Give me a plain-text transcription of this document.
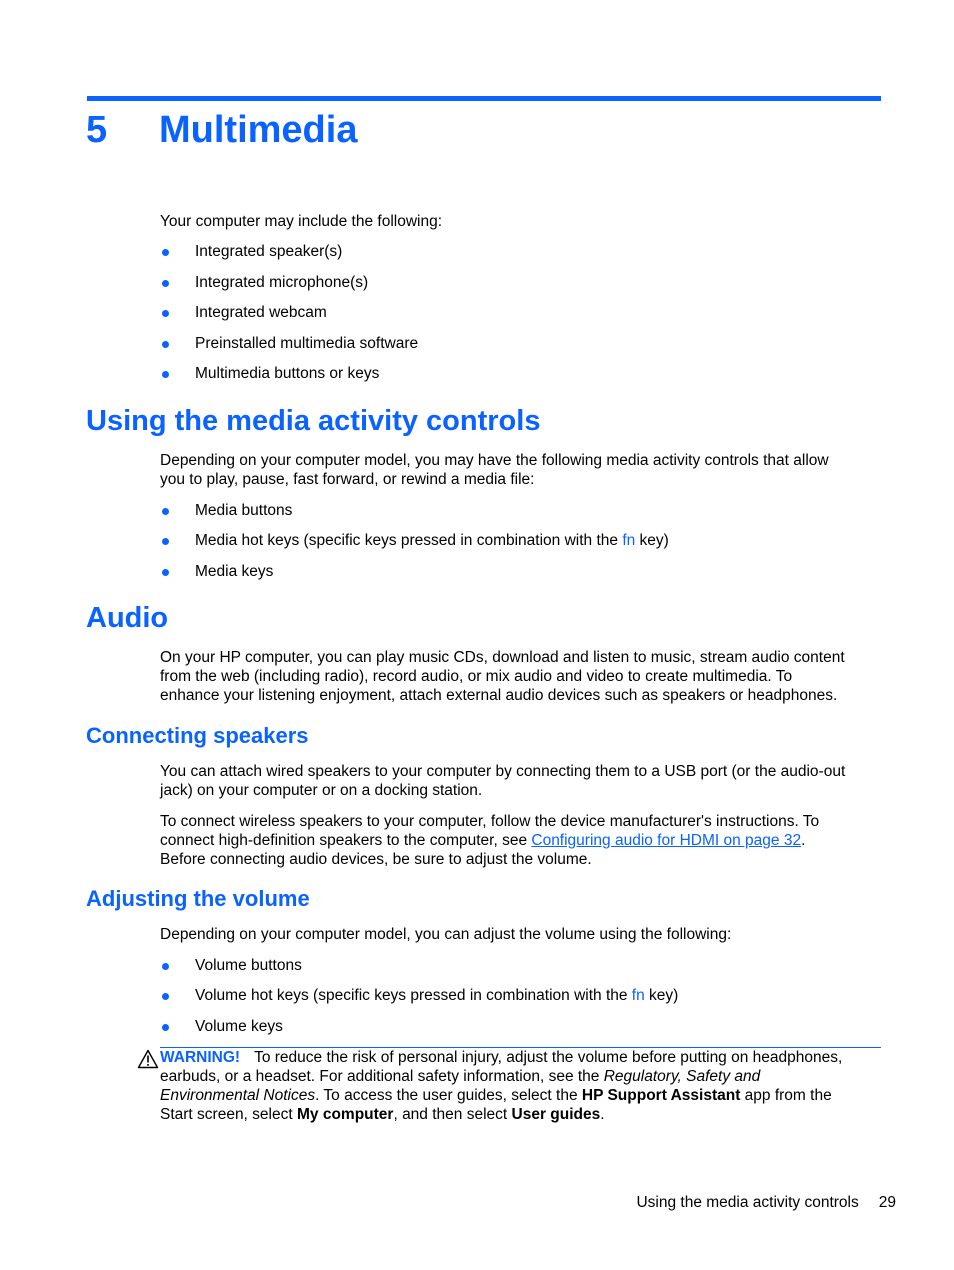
5 Multimedia

Your computer may include the following:

Integrated speaker(s)
Integrated microphone(s)
Integrated webcam
Preinstalled multimedia software
Multimedia buttons or keys
Using the media activity controls

Depending on your computer model, you may have the following media activity controls that allow
you to play, pause, fast forward, or rewind a media file:

Media buttons
Media hot keys (specific keys pressed in combination with the fn key)
Media keys
Audio

On your HP computer, you can play music CDs, download and listen to music, stream audio content
from the web (including radio), record audio, or mix audio and video to create multimedia. To
enhance your listening enjoyment, attach external audio devices such as speakers or headphones.

Connecting speakers

You can attach wired speakers to your computer by connecting them to a USB port (or the audio-out
jack) on your computer or on a docking station.

To connect wireless speakers to your computer, follow the device manufacturer's instructions. To
connect high-definition speakers to the computer, see Configuring audio for HDMI on page 32.
Before connecting audio devices, be sure to adjust the volume.

Adjusting the volume

Depending on your computer model, you can adjust the volume using the following:

Volume buttons
Volume hot keys (specific keys pressed in combination with the fn key)
Volume keys

WARNING! To reduce the risk of personal injury, adjust the volume before putting on headphones,
earbuds, or a headset. For additional safety information, see the Regulatory, Safety and
Environmental Notices. To access the user guides, select the HP Support Assistant app from the
Start screen, select My computer, and then select User guides.

Using the media activity controls 29
